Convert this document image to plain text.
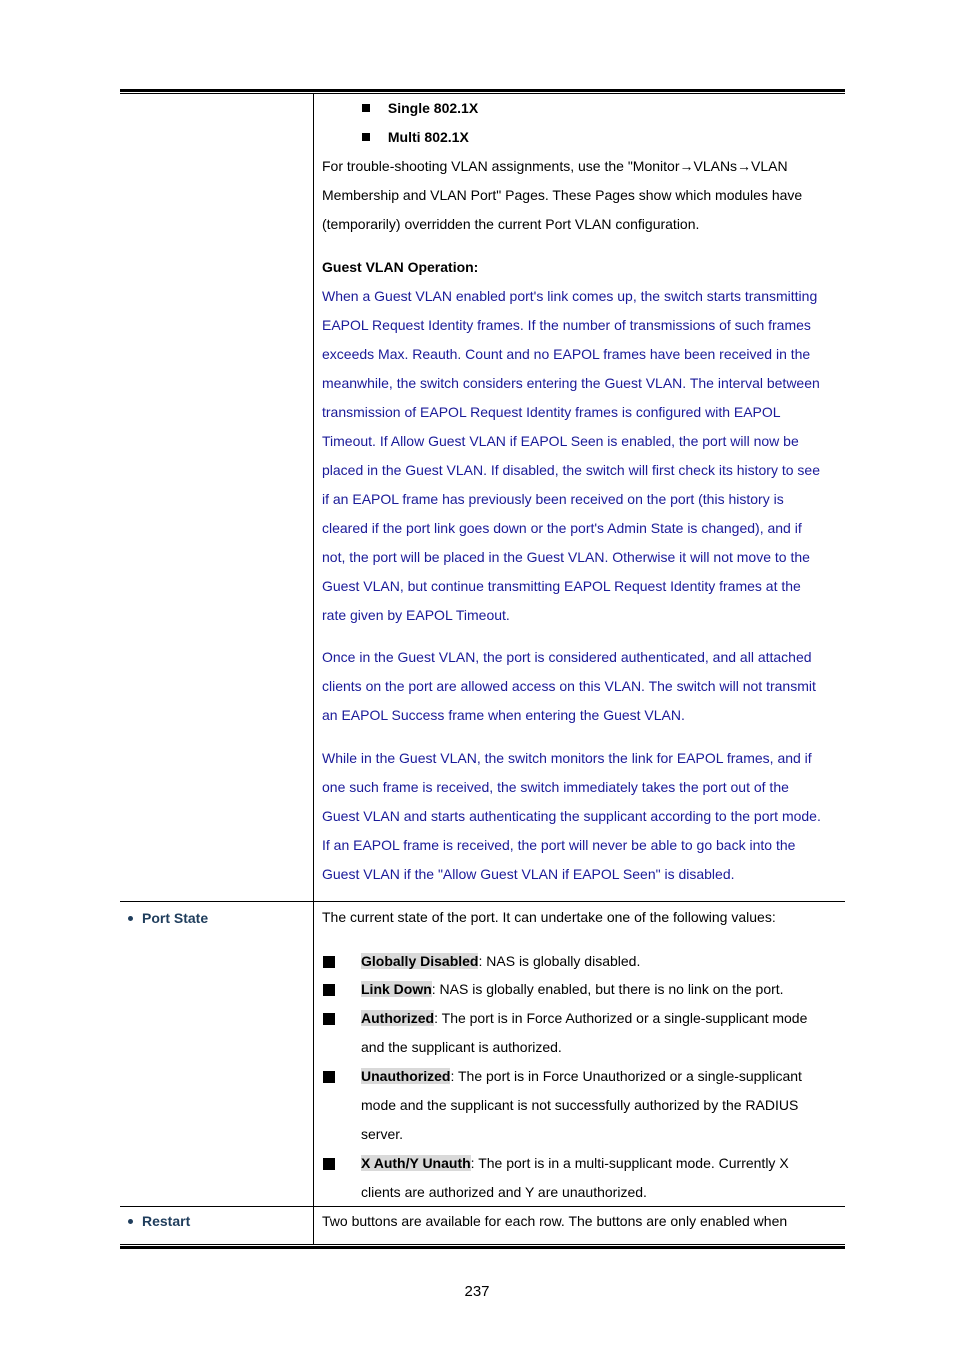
Single 802.1X
Multi 802.1X
For trouble-shooting VLAN assignments, use the "Monitor→VLANs→VLAN
Membership and VLAN Port" Pages. These Pages show which modules have
(temporarily) overridden the current Port VLAN configuration.
Guest VLAN Operation:
When a Guest VLAN enabled port's link comes up, the switch starts transmitting
EAPOL Request Identity frames. If the number of transmissions of such frames
exceeds Max. Reauth. Count and no EAPOL frames have been received in the
meanwhile, the switch considers entering the Guest VLAN. The interval between
transmission of EAPOL Request Identity frames is configured with EAPOL
Timeout. If Allow Guest VLAN if EAPOL Seen is enabled, the port will now be
placed in the Guest VLAN. If disabled, the switch will first check its history to see
if an EAPOL frame has previously been received on the port (this history is
cleared if the port link goes down or the port's Admin State is changed), and if
not, the port will be placed in the Guest VLAN. Otherwise it will not move to the
Guest VLAN, but continue transmitting EAPOL Request Identity frames at the
rate given by EAPOL Timeout.
Once in the Guest VLAN, the port is considered authenticated, and all attached
clients on the port are allowed access on this VLAN. The switch will not transmit
an EAPOL Success frame when entering the Guest VLAN.
While in the Guest VLAN, the switch monitors the link for EAPOL frames, and if
one such frame is received, the switch immediately takes the port out of the
Guest VLAN and starts authenticating the supplicant according to the port mode.
If an EAPOL frame is received, the port will never be able to go back into the
Guest VLAN if the "Allow Guest VLAN if EAPOL Seen" is disabled.
Port State	The current state of the port. It can undertake one of the following values:
Globally Disabled: NAS is globally disabled.
Link Down: NAS is globally enabled, but there is no link on the port.
Authorized: The port is in Force Authorized or a single-supplicant mode
and the supplicant is authorized.
Unauthorized: The port is in Force Unauthorized or a single-supplicant
mode and the supplicant is not successfully authorized by the RADIUS
server.
X Auth/Y Unauth: The port is in a multi-supplicant mode. Currently X
clients are authorized and Y are unauthorized.
Restart	Two buttons are available for each row. The buttons are only enabled when
237
